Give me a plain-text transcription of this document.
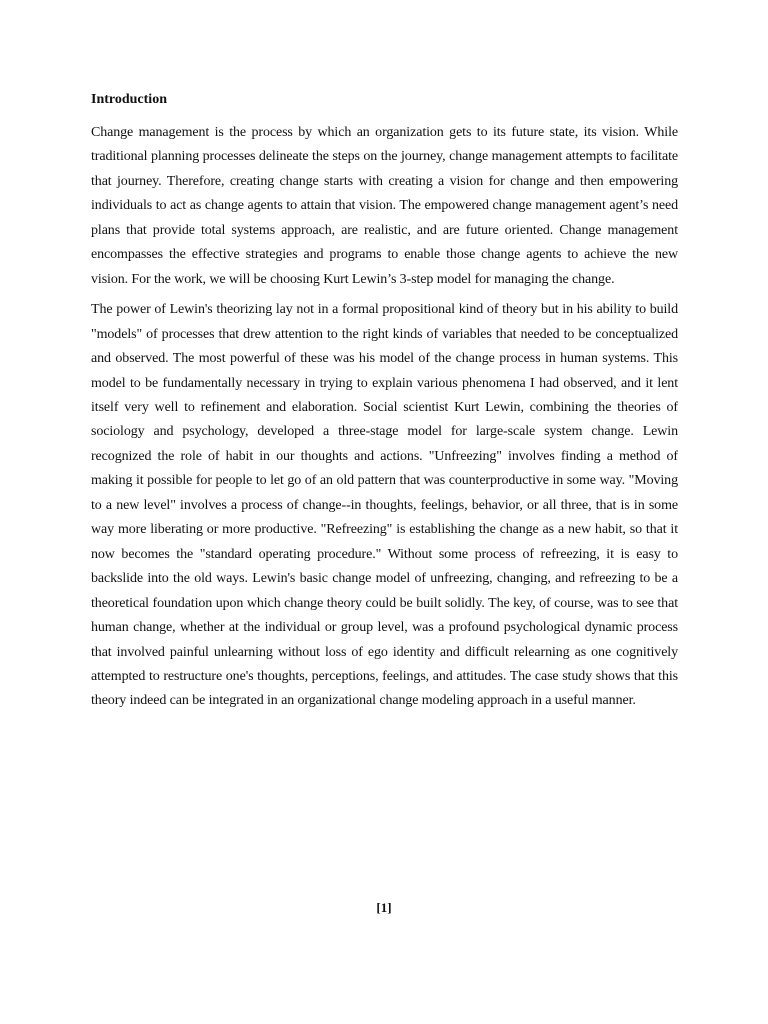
Introduction

Change management is the process by which an organization gets to its future state, its vision. While traditional planning processes delineate the steps on the journey, change management attempts to facilitate that journey. Therefore, creating change starts with creating a vision for change and then empowering individuals to act as change agents to attain that vision. The empowered change management agent’s need plans that provide total systems approach, are realistic, and are future oriented. Change management encompasses the effective strategies and programs to enable those change agents to achieve the new vision. For the work, we will be choosing Kurt Lewin’s 3-step model for managing the change.

The power of Lewin's theorizing lay not in a formal propositional kind of theory but in his ability to build "models" of processes that drew attention to the right kinds of variables that needed to be conceptualized and observed. The most powerful of these was his model of the change process in human systems. This model to be fundamentally necessary in trying to explain various phenomena I had observed, and it lent itself very well to refinement and elaboration. Social scientist Kurt Lewin, combining the theories of sociology and psychology, developed a three-stage model for large-scale system change. Lewin recognized the role of habit in our thoughts and actions. "Unfreezing" involves finding a method of making it possible for people to let go of an old pattern that was counterproductive in some way. "Moving to a new level" involves a process of change--in thoughts, feelings, behavior, or all three, that is in some way more liberating or more productive. "Refreezing" is establishing the change as a new habit, so that it now becomes the "standard operating procedure." Without some process of refreezing, it is easy to backslide into the old ways. Lewin's basic change model of unfreezing, changing, and refreezing to be a theoretical foundation upon which change theory could be built solidly. The key, of course, was to see that human change, whether at the individual or group level, was a profound psychological dynamic process that involved painful unlearning without loss of ego identity and difficult relearning as one cognitively attempted to restructure one's thoughts, perceptions, feelings, and attitudes. The case study shows that this theory indeed can be integrated in an organizational change modeling approach in a useful manner.

[1]
